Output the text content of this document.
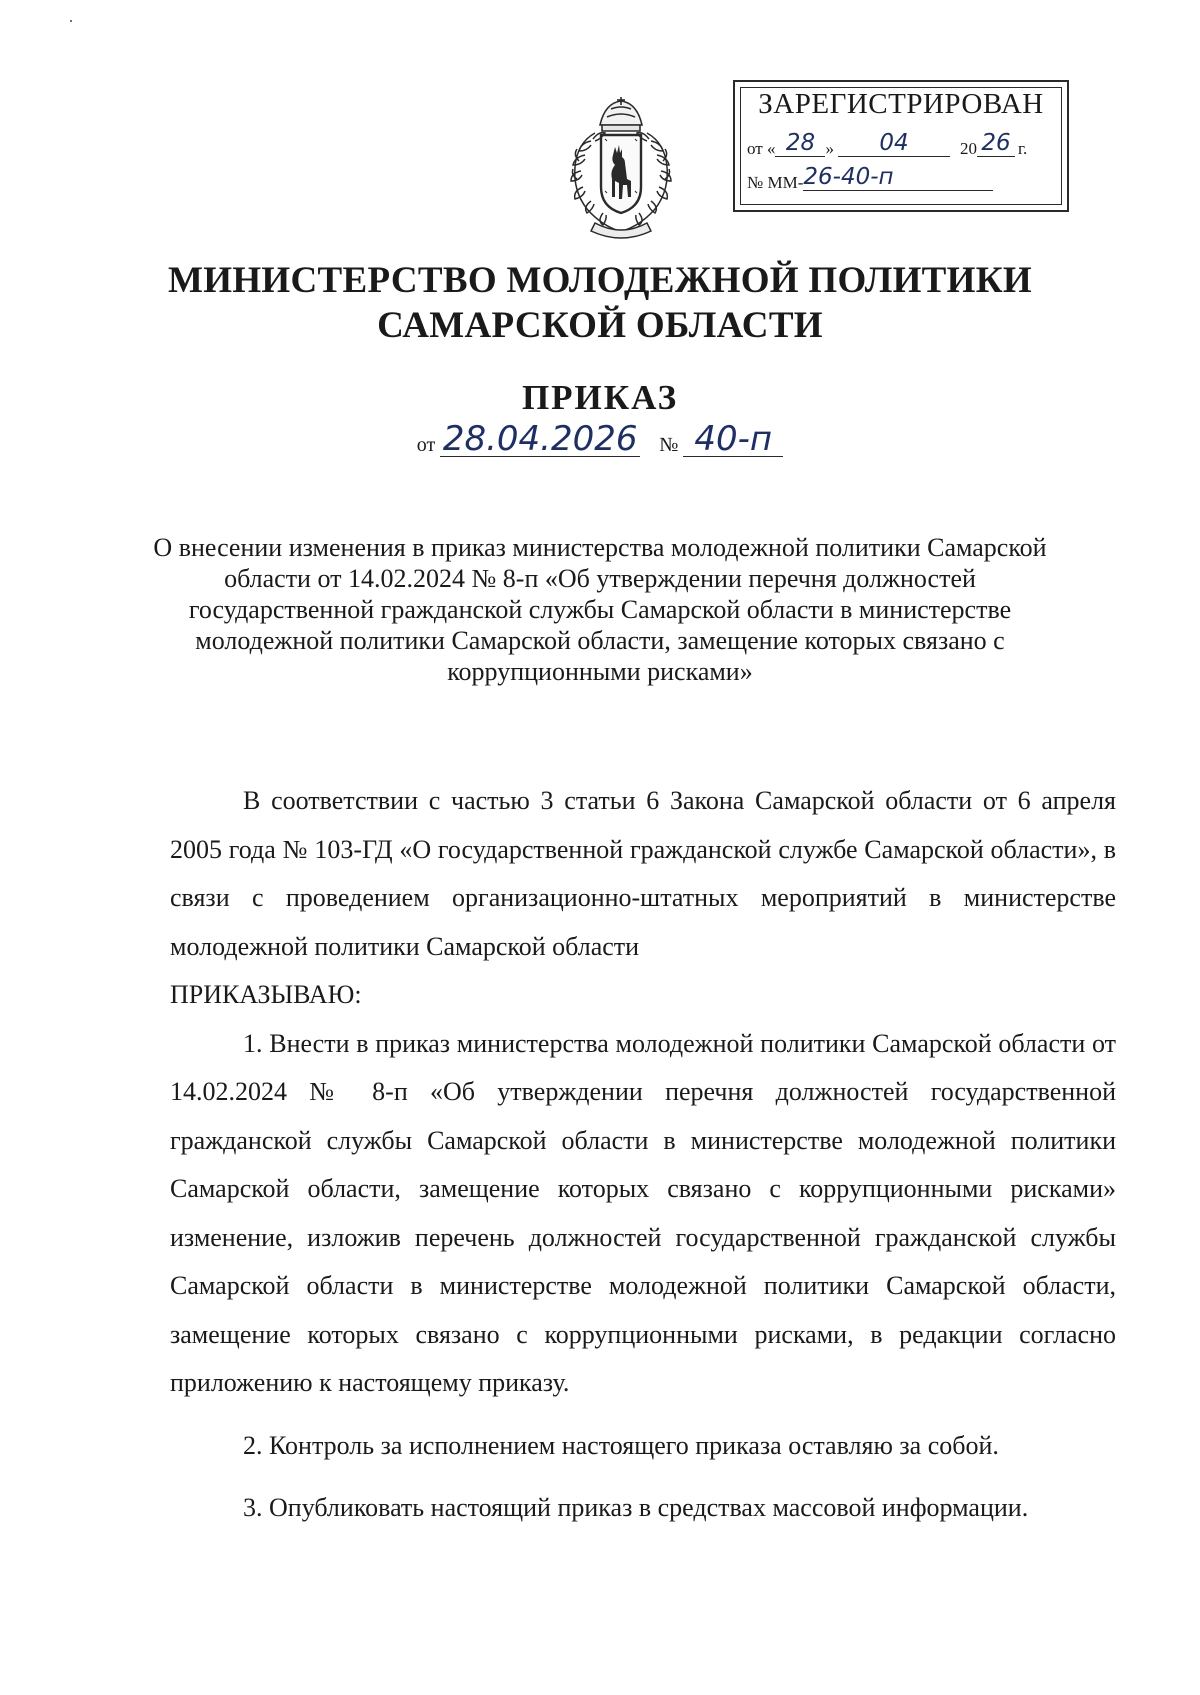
ЗАРЕГИСТРИРОВАН
от « 28 » 04	20 26 г.
№ ММ-26-40-п
МИНИСТЕРСТВО МОЛОДЕЖНОЙ ПОЛИТИКИ САМАРСКОЙ ОБЛАСТИ
ПРИКАЗ
от 28.04.2026 № 40-п
О внесении изменения в приказ министерства молодежной политики Самарской области от 14.02.2024 № 8-п «Об утверждении перечня должностей государственной гражданской службы Самарской области в министерстве молодежной политики Самарской области, замещение которых связано с коррупционными рисками»

В соответствии с частью 3 статьи 6 Закона Самарской области от 6 апреля 2005 года № 103-ГД «О государственной гражданской службе Самарской области», в связи с проведением организационно-штатных мероприятий в министерстве молодежной политики Самарской области

ПРИКАЗЫВАЮ:

1. Внести в приказ министерства молодежной политики Самарской области от 14.02.2024 № 8-п «Об утверждении перечня должностей государственной гражданской службы Самарской области в министерстве молодежной политики Самарской области, замещение которых связано с коррупционными рисками» изменение, изложив перечень должностей государственной гражданской службы Самарской области в министерстве молодежной политики Самарской области, замещение которых связано с коррупционными рисками, в редакции согласно приложению к настоящему приказу.

2. Контроль за исполнением настоящего приказа оставляю за собой.

3. Опубликовать настоящий приказ в средствах массовой информации.
